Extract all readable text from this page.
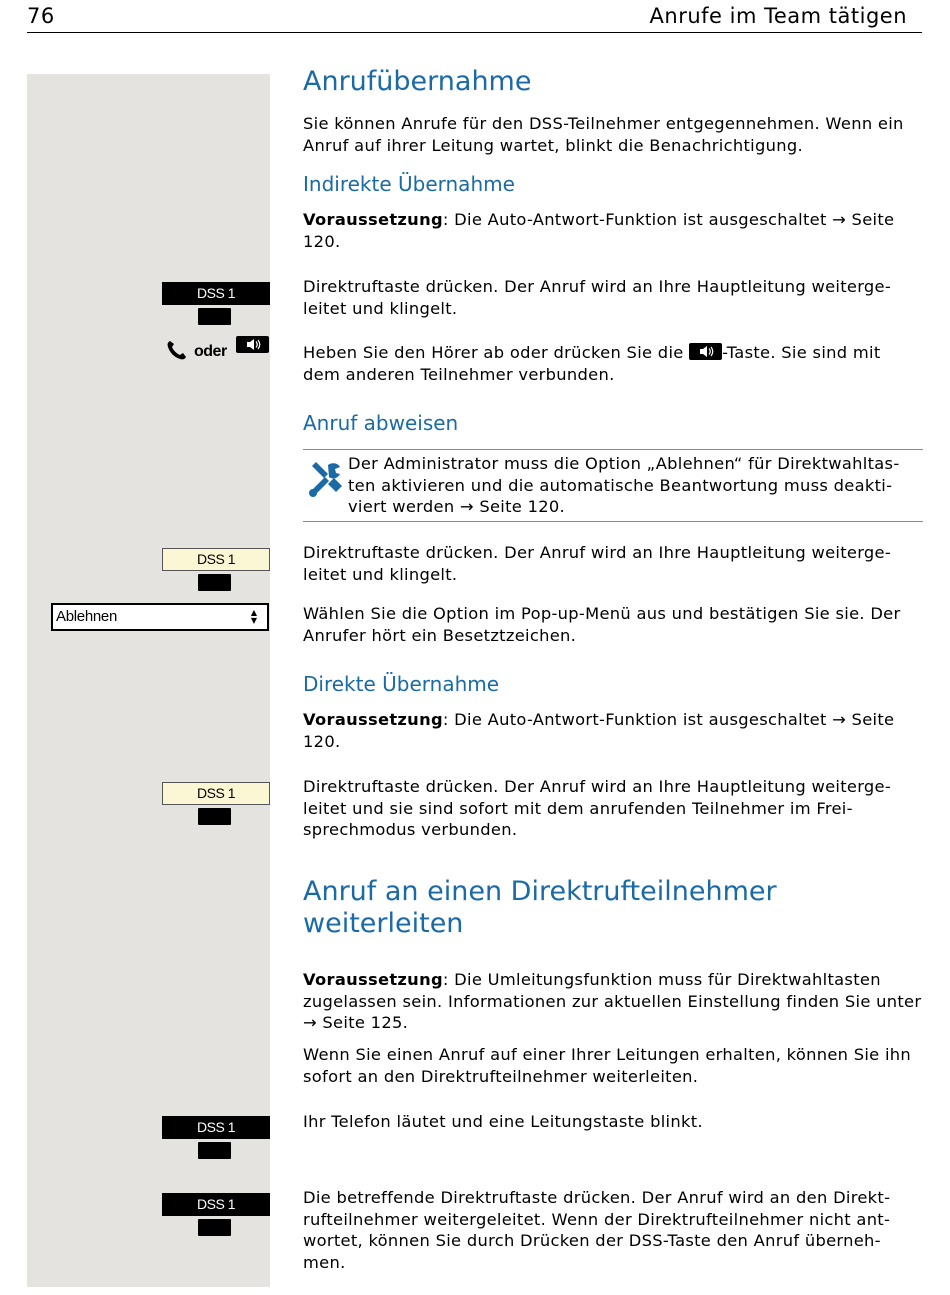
76	Anrufe im Team tätigen
Anrufübernahme
Sie können Anrufe für den DSS-Teilnehmer entgegennehmen. Wenn ein Anruf auf ihrer Leitung wartet, blinkt die Benachrichtigung.
Indirekte Übernahme
Voraussetzung: Die Auto-Antwort-Funktion ist ausgeschaltet → Seite 120.
DSS 1	Direktruftaste drücken. Der Anruf wird an Ihre Hauptleitung weiterge-leitet und klingelt.
oder	Heben Sie den Hörer ab oder drücken Sie die
-Taste. Sie sind mit dem anderen Teilnehmer verbunden.
Anruf abweisen
Der Administrator muss die Option „Ablehnen“ für Direktwahltas-ten aktivieren und die automatische Beantwortung muss deakti-viert werden → Seite 120.
DSS 1	Direktruftaste drücken. Der Anruf wird an Ihre Hauptleitung weiterge-leitet und klingelt.
Ablehnen	▲
▼	Wählen Sie die Option im Pop-up-Menü aus und bestätigen Sie sie. Der Anrufer hört ein Besetztzeichen.
Direkte Übernahme
Voraussetzung: Die Auto-Antwort-Funktion ist ausgeschaltet → Seite 120.
DSS 1	Direktruftaste drücken. Der Anruf wird an Ihre Hauptleitung weiterge-leitet und sie sind sofort mit dem anrufenden Teilnehmer im Frei-sprechmodus verbunden.
Anruf an einen Direktrufteilnehmer
weiterleiten
Voraussetzung: Die Umleitungsfunktion muss für Direktwahltasten zugelassen sein. Informationen zur aktuellen Einstellung finden Sie unter → Seite 125.
Wenn Sie einen Anruf auf einer Ihrer Leitungen erhalten, können Sie ihn sofort an den Direktrufteilnehmer weiterleiten.
DSS 1	Ihr Telefon läutet und eine Leitungstaste blinkt.
DSS 1	Die betreffende Direktruftaste drücken. Der Anruf wird an den Direkt-rufteilnehmer weitergeleitet. Wenn der Direktrufteilnehmer nicht ant-wortet, können Sie durch Drücken der DSS-Taste den Anruf überneh-men.
